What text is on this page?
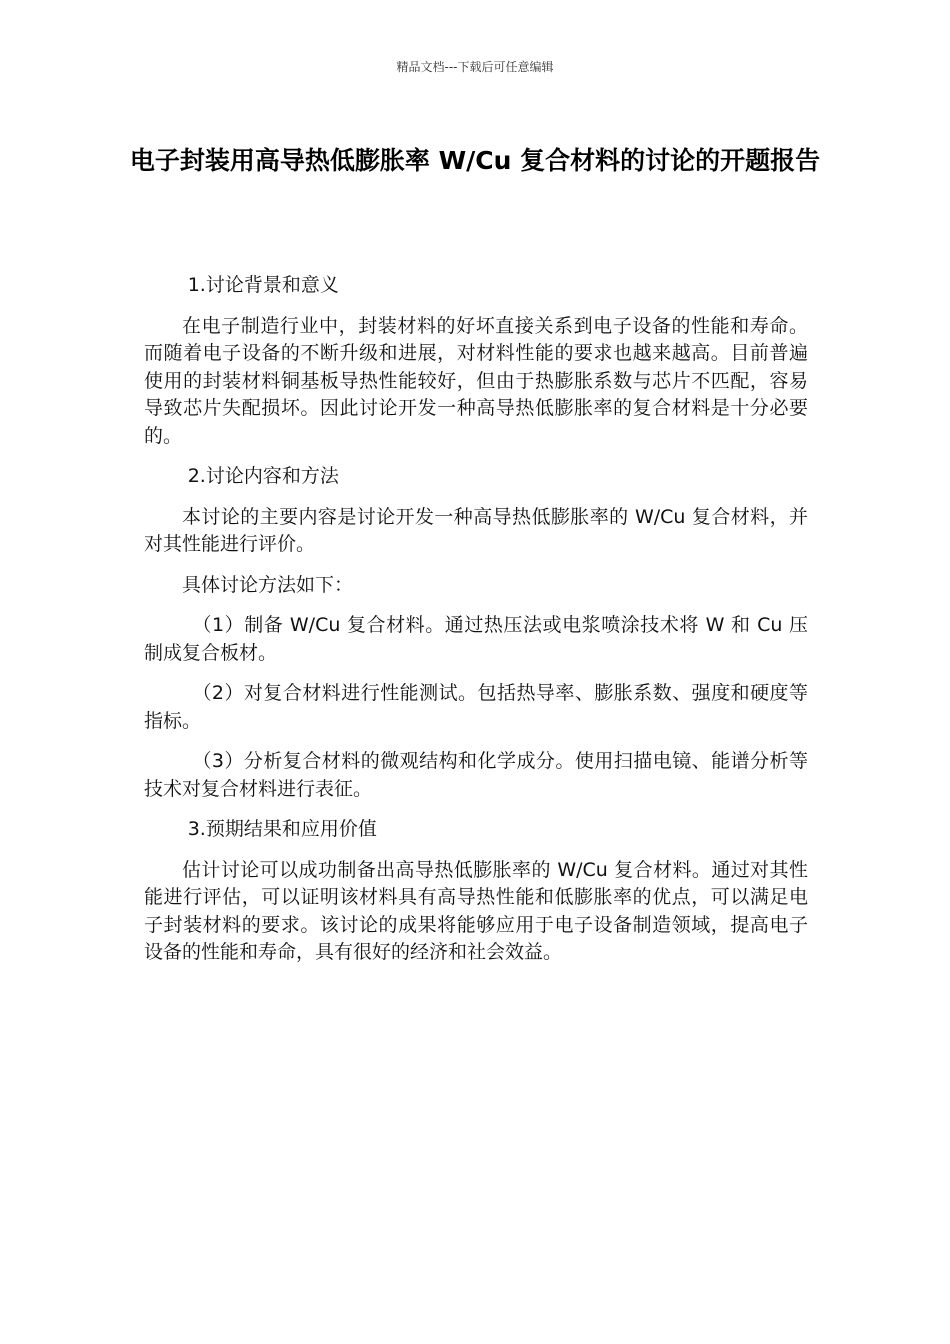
精品文档---下载后可任意编辑
电子封装用高导热低膨胀率 W/Cu 复合材料的讨论的开题报告

1.讨论背景和意义

在电子制造行业中，封装材料的好坏直接关系到电子设备的性能和寿命。而随着电子设备的不断升级和进展，对材料性能的要求也越来越高。目前普遍使用的封装材料铜基板导热性能较好，但由于热膨胀系数与芯片不匹配，容易导致芯片失配损坏。因此讨论开发一种高导热低膨胀率的复合材料是十分必要的。

2.讨论内容和方法

本讨论的主要内容是讨论开发一种高导热低膨胀率的 W/Cu 复合材料，并对其性能进行评价。

具体讨论方法如下：

（1）制备 W/Cu 复合材料。通过热压法或电浆喷涂技术将 W 和 Cu 压制成复合板材。

（2）对复合材料进行性能测试。包括热导率、膨胀系数、强度和硬度等指标。

（3）分析复合材料的微观结构和化学成分。使用扫描电镜、能谱分析等技术对复合材料进行表征。

3.预期结果和应用价值

估计讨论可以成功制备出高导热低膨胀率的 W/Cu 复合材料。通过对其性能进行评估，可以证明该材料具有高导热性能和低膨胀率的优点，可以满足电子封装材料的要求。该讨论的成果将能够应用于电子设备制造领域，提高电子设备的性能和寿命，具有很好的经济和社会效益。
